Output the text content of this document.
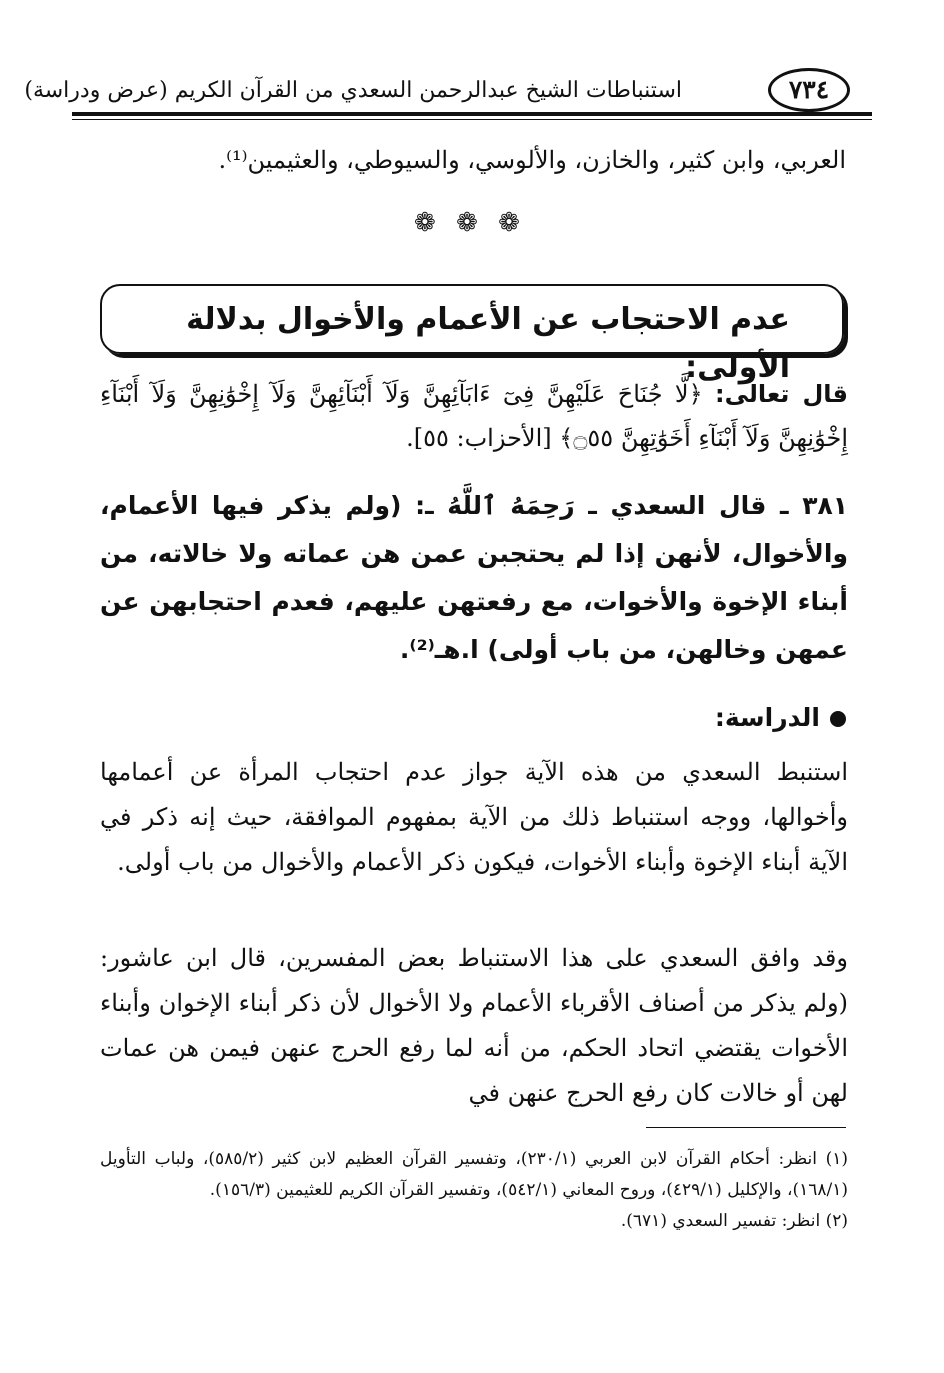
٧٣٤
استنباطات الشيخ عبدالرحمن السعدي من القرآن الكريم (عرض ودراسة)
العربي، وابن كثير، والخازن، والألوسي، والسيوطي، والعثيمين⁽¹⁾.
❁ ❁ ❁
عدم الاحتجاب عن الأعمام والأخوال بدلالة الأولى:
قال تعالى: ﴿لَّا جُنَاحَ عَلَيْهِنَّ فِىٓ ءَابَآئِهِنَّ وَلَآ أَبْنَآئِهِنَّ وَلَآ إِخْوَٰنِهِنَّ وَلَآ أَبْنَآءِ إِخْوَٰنِهِنَّ وَلَآ أَبْنَآءِ أَخَوَٰتِهِنَّ ۝٥٥﴾ [الأحزاب: ٥٥].
٣٨١ ـ قال السعدي ـ رَحِمَهُ ٱللَّهُ ـ: (ولم يذكر فيها الأعمام، والأخوال، لأنهن إذا لم يحتجبن عمن هن عماته ولا خالاته، من أبناء الإخوة والأخوات، مع رفعتهن عليهم، فعدم احتجابهن عن عمهن وخالهن، من باب أولى) ا.هـ⁽²⁾.
الدراسة:
استنبط السعدي من هذه الآية جواز عدم احتجاب المرأة عن أعمامها وأخوالها، ووجه استنباط ذلك من الآية بمفهوم الموافقة، حيث إنه ذكر في الآية أبناء الإخوة وأبناء الأخوات، فيكون ذكر الأعمام والأخوال من باب أولى.
وقد وافق السعدي على هذا الاستنباط بعض المفسرين، قال ابن عاشور: (ولم يذكر من أصناف الأقرباء الأعمام ولا الأخوال لأن ذكر أبناء الإخوان وأبناء الأخوات يقتضي اتحاد الحكم، من أنه لما رفع الحرج عنهن فيمن هن عمات لهن أو خالات كان رفع الحرج عنهن في

(١) انظر: أحكام القرآن لابن العربي (٢٣٠/١)، وتفسير القرآن العظيم لابن كثير (٥٨٥/٢)، ولباب التأويل (١٦٨/١)، والإكليل (٤٢٩/١)، وروح المعاني (٥٤٢/١)، وتفسير القرآن الكريم للعثيمين (١٥٦/٣).

(٢) انظر: تفسير السعدي (٦٧١).
